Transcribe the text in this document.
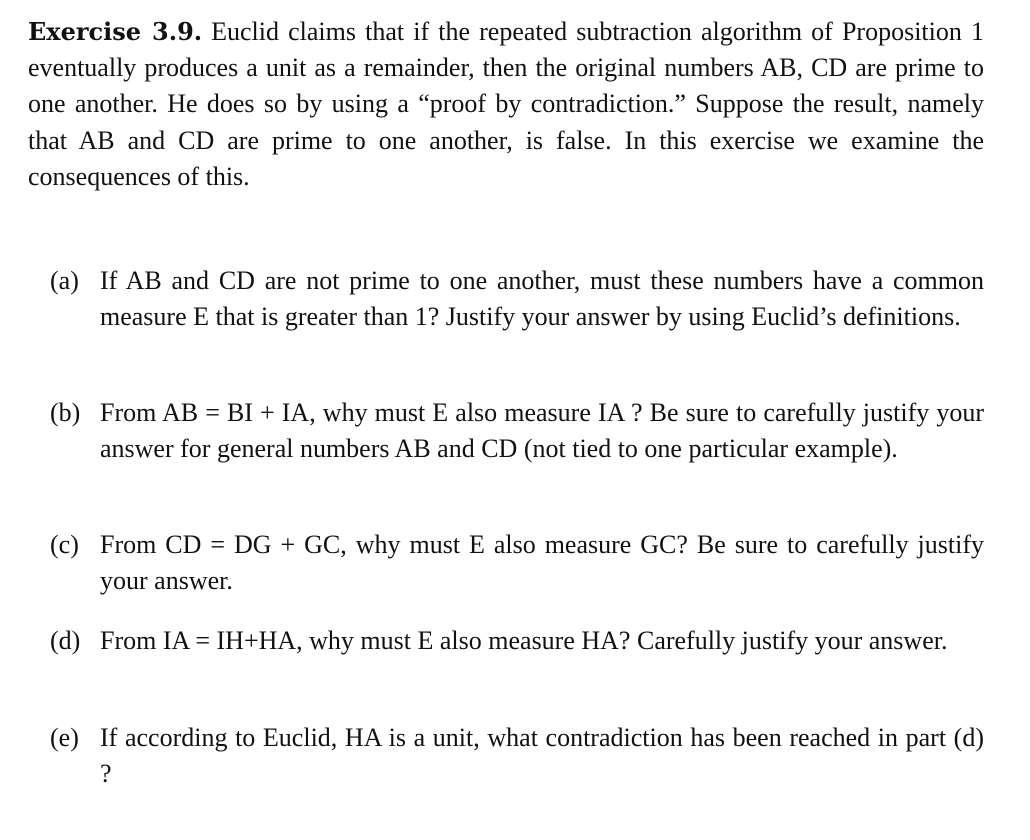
Exercise 3.9. Euclid claims that if the repeated subtraction algorithm of Proposition 1 eventually produces a unit as a remainder, then the original numbers AB, CD are prime to one another. He does so by using a “proof by contradiction.” Suppose the result, namely that AB and CD are prime to one another, is false. In this exercise we examine the consequences of this.

(a) If AB and CD are not prime to one another, must these numbers have a common measure E that is greater than 1? Justify your answer by using Euclid’s definitions.
(b) From AB = BI + IA, why must E also measure IA ? Be sure to carefully justify your answer for general numbers AB and CD (not tied to one particular example).
(c) From CD = DG + GC, why must E also measure GC? Be sure to carefully justify your answer.
(d) From IA = IH+HA, why must E also measure HA? Carefully justify your answer.
(e) If according to Euclid, HA is a unit, what contradiction has been reached in part (d) ?
